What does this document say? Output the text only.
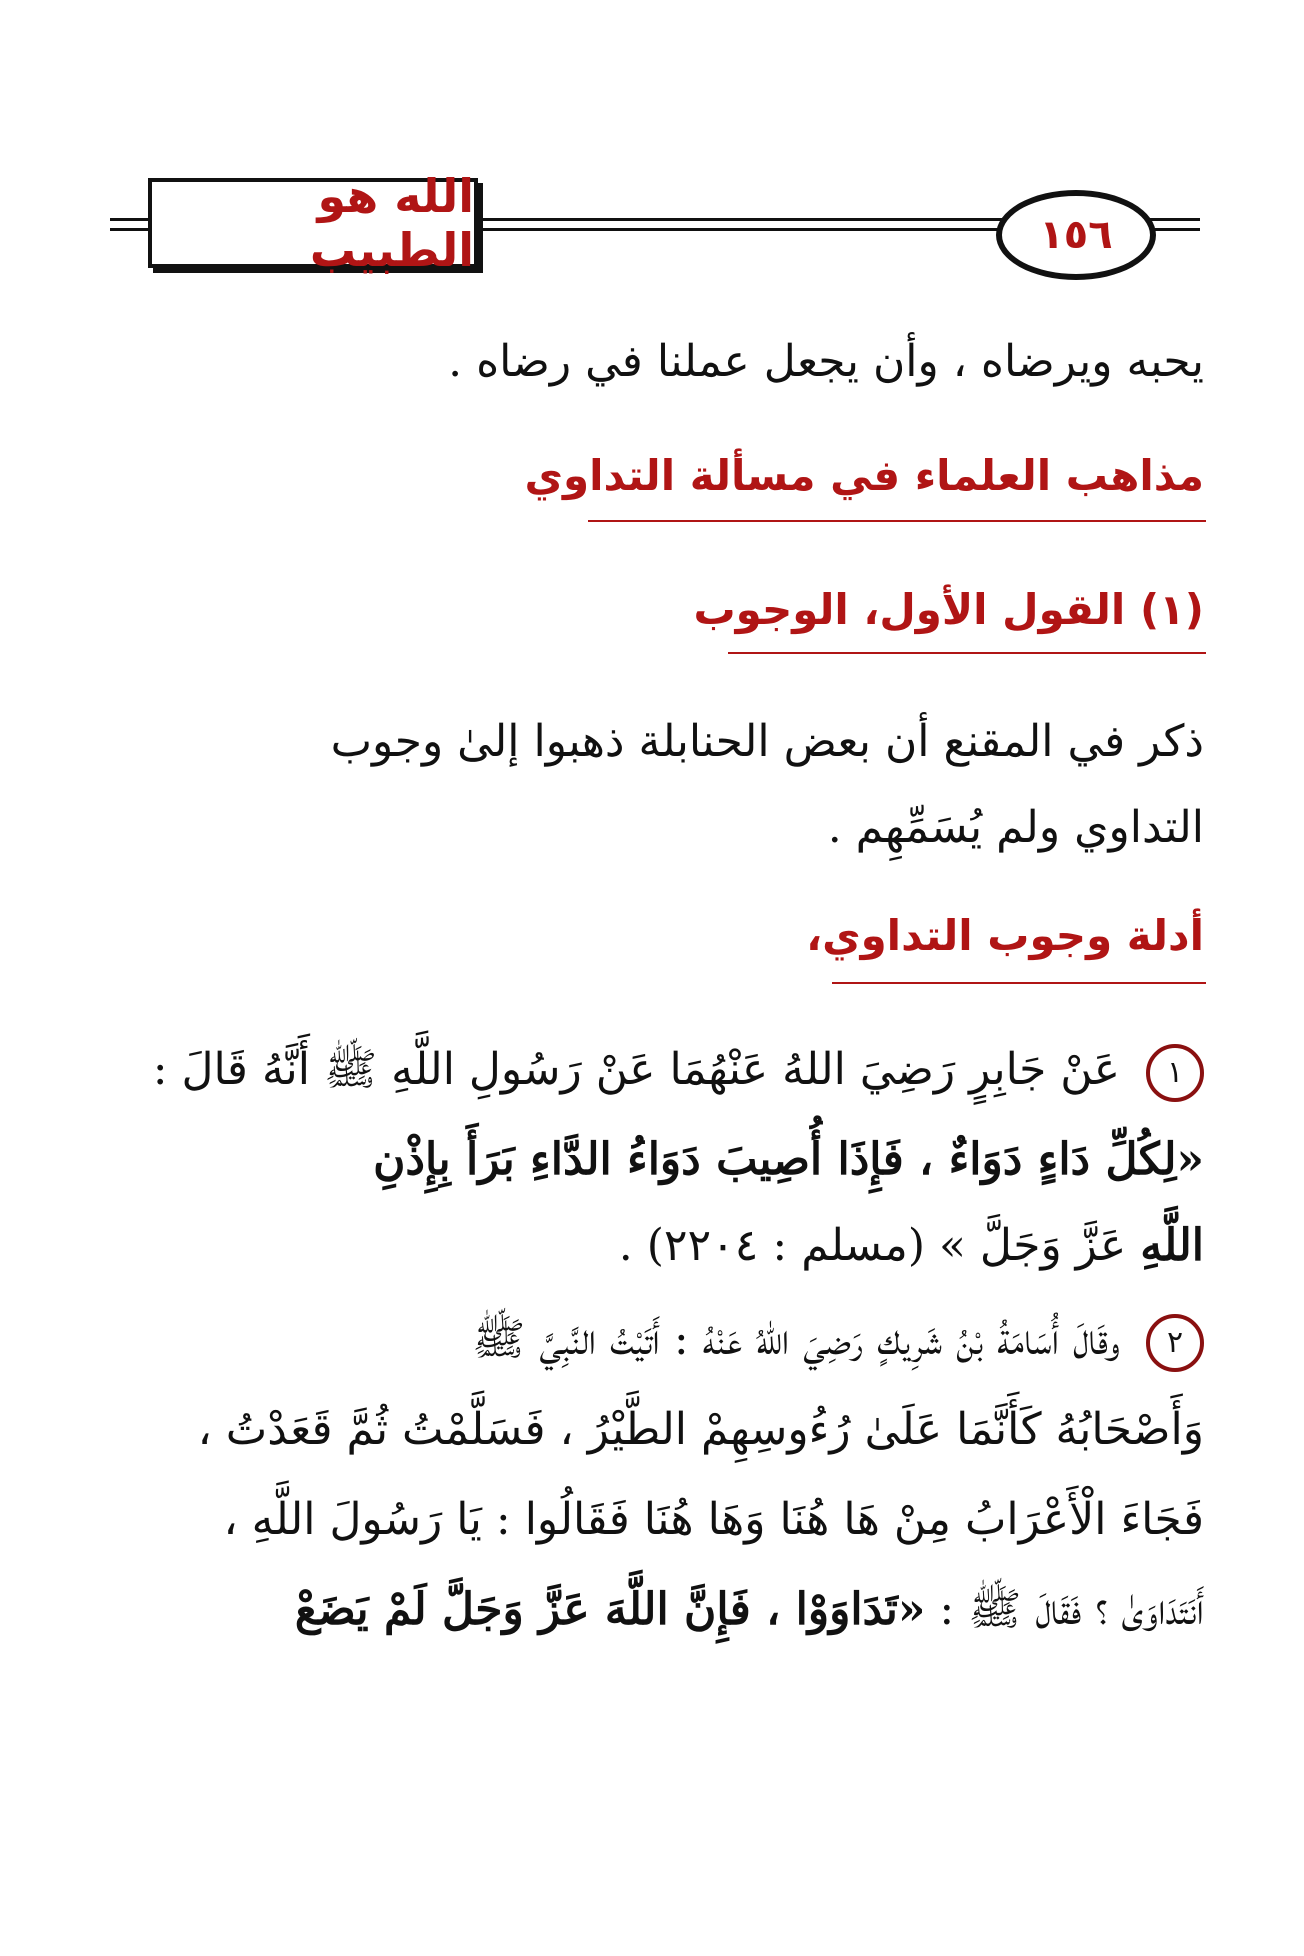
الله هو الطبيب	١٥٦
يحبه ويرضاه ، وأن يجعل عملنا في رضاه .
مذاهب العلماء في مسألة التداوي
(١) القول الأول، الوجوب
ذكر في المقنع أن بعض الحنابلة ذهبوا إلىٰ وجوب
التداوي ولم يُسَمِّهِم .
أدلة وجوب التداوي،
١ عَنْ جَابِرٍ رَضِيَ اللهُ عَنْهُمَا عَنْ رَسُولِ اللَّهِ ﷺ أَنَّهُ قَالَ :
«لِكُلِّ دَاءٍ دَوَاءٌ ، فَإِذَا أُصِيبَ دَوَاءُ الدَّاءِ بَرَأَ بِإِذْنِ
اللَّهِ عَزَّ وَجَلَّ » (مسلم : ٢٢٠٤) .
٢ وقَالَ أُسَامَةُ بْنُ شَرِيكٍ رَضِيَ اللهُ عَنْهُ : أَتَيْتُ النَّبِيَّ ﷺ
وَأَصْحَابُهُ كَأَنَّمَا عَلَىٰ رُءُوسِهِمْ الطَّيْرُ ، فَسَلَّمْتُ ثُمَّ قَعَدْتُ ،
فَجَاءَ الْأَعْرَابُ مِنْ هَا هُنَا وَهَا هُنَا فَقَالُوا : يَا رَسُولَ اللَّهِ ،
أَنَتَدَاوَىٰ ؟ فَقَالَ ﷺ : «تَدَاوَوْا ، فَإِنَّ اللَّهَ عَزَّ وَجَلَّ لَمْ يَضَعْ
